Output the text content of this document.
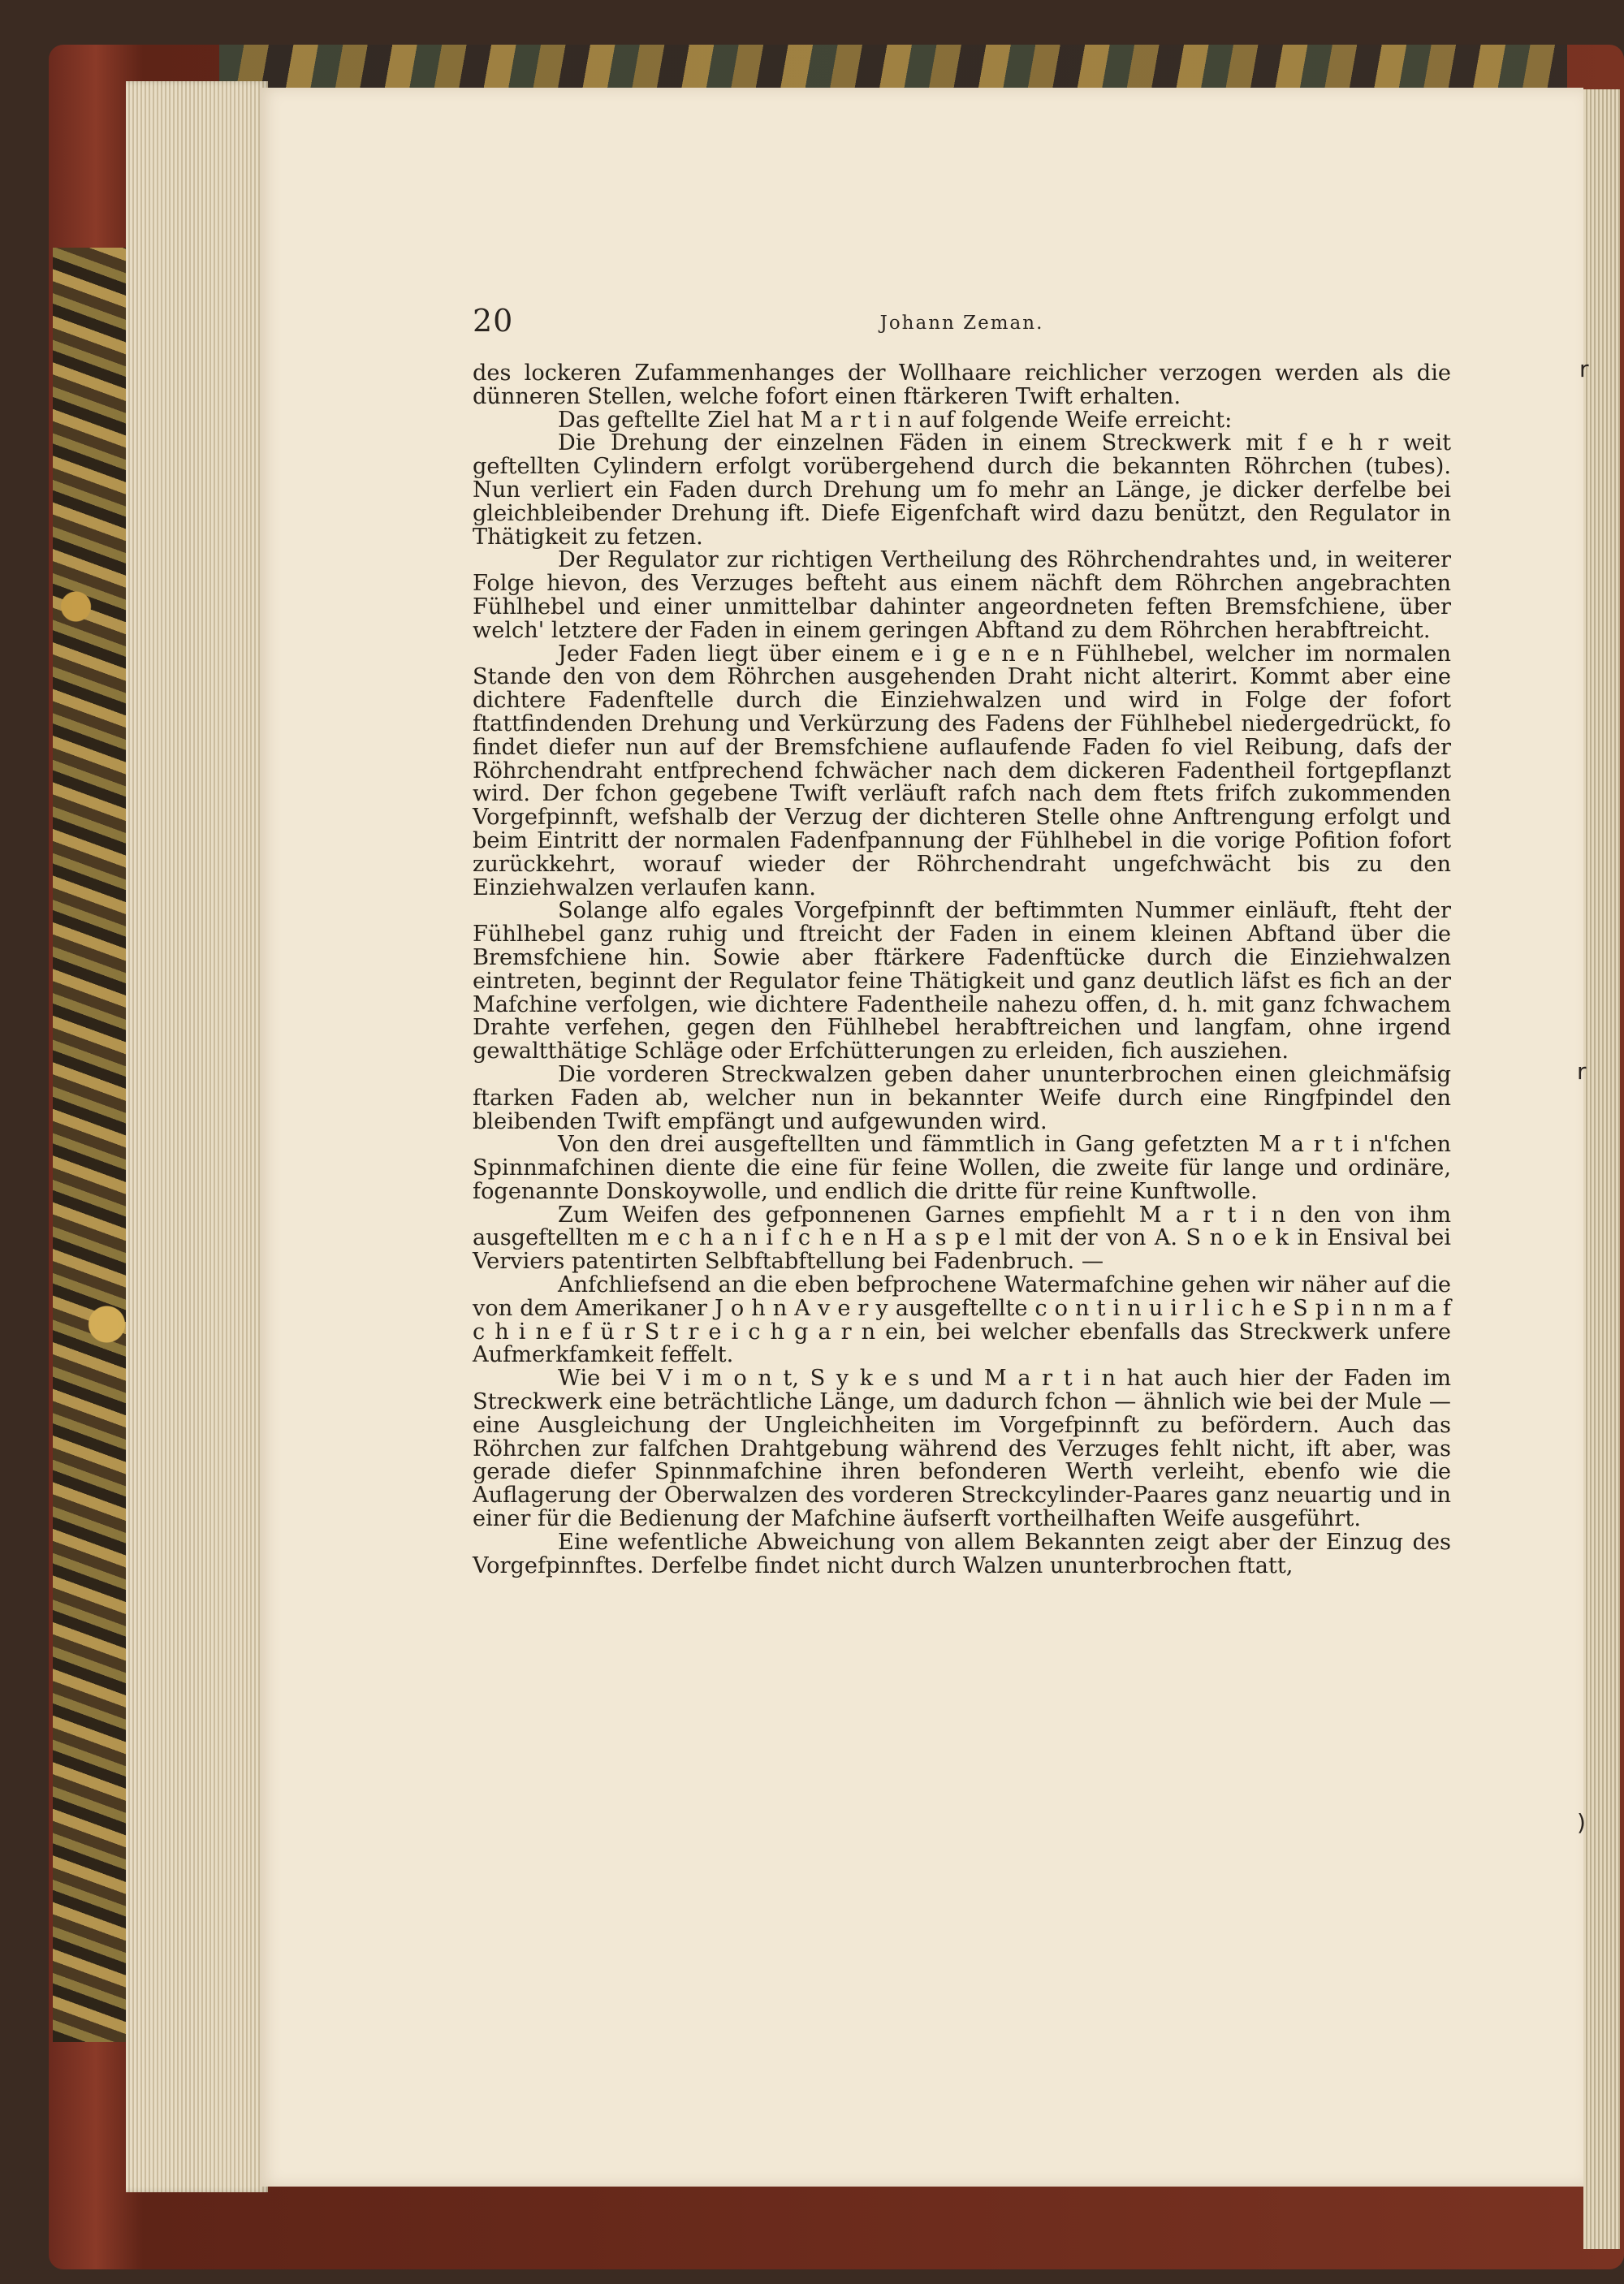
20	Johann Zeman.

des lockeren Zufammenhanges der Wollhaare reichlicher verzogen werden als die dünneren Stellen, welche fofort einen ftärkeren Twift erhalten.

Das geftellte Ziel hat M a r t i n auf folgende Weife erreicht:

Die Drehung der einzelnen Fäden in einem Streckwerk mit f e h r weit geftellten Cylindern erfolgt vorübergehend durch die bekannten Röhrchen (tubes). Nun verliert ein Faden durch Drehung um fo mehr an Länge, je dicker derfelbe bei gleichbleibender Drehung ift. Diefe Eigenfchaft wird dazu benützt, den Regulator in Thätigkeit zu fetzen.

Der Regulator zur richtigen Vertheilung des Röhrchendrahtes und, in weiterer Folge hievon, des Verzuges befteht aus einem nächft dem Röhrchen angebrachten Fühlhebel und einer unmittelbar dahinter angeordneten feften Bremsfchiene, über welch' letztere der Faden in einem geringen Abftand zu dem Röhrchen herabftreicht.

Jeder Faden liegt über einem e i g e n e n Fühlhebel, welcher im normalen Stande den von dem Röhrchen ausgehenden Draht nicht alterirt. Kommt aber eine dichtere Fadenftelle durch die Einziehwalzen und wird in Folge der fofort ftattfindenden Drehung und Verkürzung des Fadens der Fühlhebel niedergedrückt, fo findet diefer nun auf der Bremsfchiene auflaufende Faden fo viel Reibung, dafs der Röhrchendraht entfprechend fchwächer nach dem dickeren Fadentheil fortgepflanzt wird. Der fchon gegebene Twift verläuft rafch nach dem ftets frifch zukommenden Vorgefpinnft, wefshalb der Verzug der dichteren Stelle ohne Anftrengung erfolgt und beim Eintritt der normalen Fadenfpannung der Fühlhebel in die vorige Pofition fofort zurückkehrt, worauf wieder der Röhrchendraht ungefchwächt bis zu den Einziehwalzen verlaufen kann.

Solange alfo egales Vorgefpinnft der beftimmten Nummer einläuft, fteht der Fühlhebel ganz ruhig und ftreicht der Faden in einem kleinen Abftand über die Bremsfchiene hin. Sowie aber ftärkere Fadenftücke durch die Einziehwalzen eintreten, beginnt der Regulator feine Thätigkeit und ganz deutlich läfst es fich an der Mafchine verfolgen, wie dichtere Fadentheile nahezu offen, d. h. mit ganz fchwachem Drahte verfehen, gegen den Fühlhebel herabftreichen und langfam, ohne irgend gewaltthätige Schläge oder Erfchütterungen zu erleiden, fich ausziehen.

Die vorderen Streckwalzen geben daher ununterbrochen einen gleichmäfsig ftarken Faden ab, welcher nun in bekannter Weife durch eine Ringfpindel den bleibenden Twift empfängt und aufgewunden wird.

Von den drei ausgeftellten und fämmtlich in Gang gefetzten M a r t i n'fchen Spinnmafchinen diente die eine für feine Wollen, die zweite für lange und ordinäre, fogenannte Donskoywolle, und endlich die dritte für reine Kunftwolle.

Zum Weifen des gefponnenen Garnes empfiehlt M a r t i n den von ihm ausgeftellten m e c h a n i f c h e n H a s p e l mit der von A. S n o e k in Ensival bei Verviers patentirten Selbftabftellung bei Fadenbruch. —

Anfchliefsend an die eben befprochene Watermafchine gehen wir näher auf die von dem Amerikaner J o h n A v e r y ausgeftellte c o n t i n u i r l i c h e S p i n n m a f c h i n e f ü r S t r e i c h g a r n ein, bei welcher ebenfalls das Streckwerk unfere Aufmerkfamkeit feffelt.

Wie bei V i m o n t, S y k e s und M a r t i n hat auch hier der Faden im Streckwerk eine beträchtliche Länge, um dadurch fchon — ähnlich wie bei der Mule — eine Ausgleichung der Ungleichheiten im Vorgefpinnft zu befördern. Auch das Röhrchen zur falfchen Drahtgebung während des Verzuges fehlt nicht, ift aber, was gerade diefer Spinnmafchine ihren befonderen Werth verleiht, ebenfo wie die Auflagerung der Oberwalzen des vorderen Streckcylinder-Paares ganz neuartig und in einer für die Bedienung der Mafchine äufserft vortheilhaften Weife ausgeführt.

Eine wefentliche Abweichung von allem Bekannten zeigt aber der Einzug des Vorgefpinnftes. Derfelbe findet nicht durch Walzen ununterbrochen ftatt,

r
r
)
